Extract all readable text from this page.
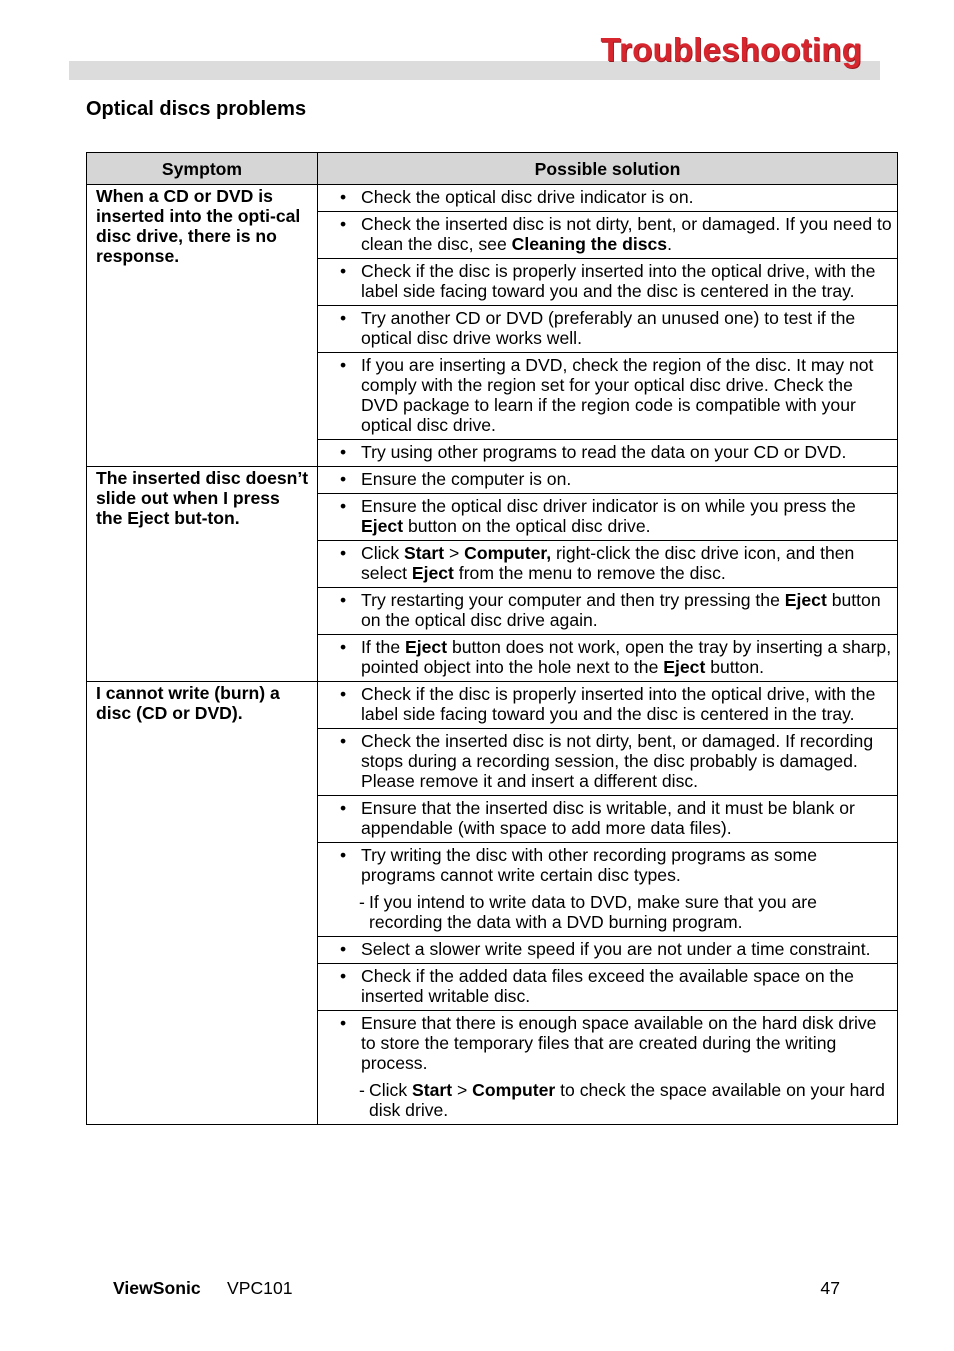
Troubleshooting
Optical discs problems
Symptom	Possible solution
When a CD or DVD is inserted into the opti-cal disc drive, there is no response.	• Check the optical disc drive indicator is on.

	• Check the inserted disc is not dirty, bent, or damaged. If you need to clean the disc, see Cleaning the discs.

	• Check if the disc is properly inserted into the optical drive, with the label side facing toward you and the disc is centered in the tray.

	• Try another CD or DVD (preferably an unused one) to test if the optical disc drive works well.

	• If you are inserting a DVD, check the region of the disc. It may not comply with the region set for your optical disc drive. Check the DVD package to learn if the region code is compatible with your optical disc drive.

	• Try using other programs to read the data on your CD or DVD.

The inserted disc doesn’t slide out when I press the Eject but-ton.	• Ensure the computer is on.

	• Ensure the optical disc driver indicator is on while you press the Eject button on the optical disc drive.

	• Click Start > Computer, right-click the disc drive icon, and then select Eject from the menu to remove the disc.

	• Try restarting your computer and then try pressing the Eject button on the optical disc drive again.

	• If the Eject button does not work, open the tray by inserting a sharp, pointed object into the hole next to the Eject button.

I cannot write (burn) a disc (CD or DVD).	• Check if the disc is properly inserted into the optical drive, with the label side facing toward you and the disc is centered in the tray.

	• Check the inserted disc is not dirty, bent, or damaged. If recording stops during a recording session, the disc probably is damaged. Please remove it and insert a different disc.

	• Ensure that the inserted disc is writable, and it must be blank or appendable (with space to add more data files).

	• Try writing the disc with other recording programs as some programs cannot write certain disc types.
- If you intend to write data to DVD, make sure that you are recording the data with a DVD burning program.

	• Select a slower write speed if you are not under a time constraint.

	• Check if the added data files exceed the available space on the inserted writable disc.

	• Ensure that there is enough space available on the hard disk drive to store the temporary files that are created during the writing process.
- Click Start > Computer to check the space available on your hard disk drive.
ViewSonic VPC101	47
